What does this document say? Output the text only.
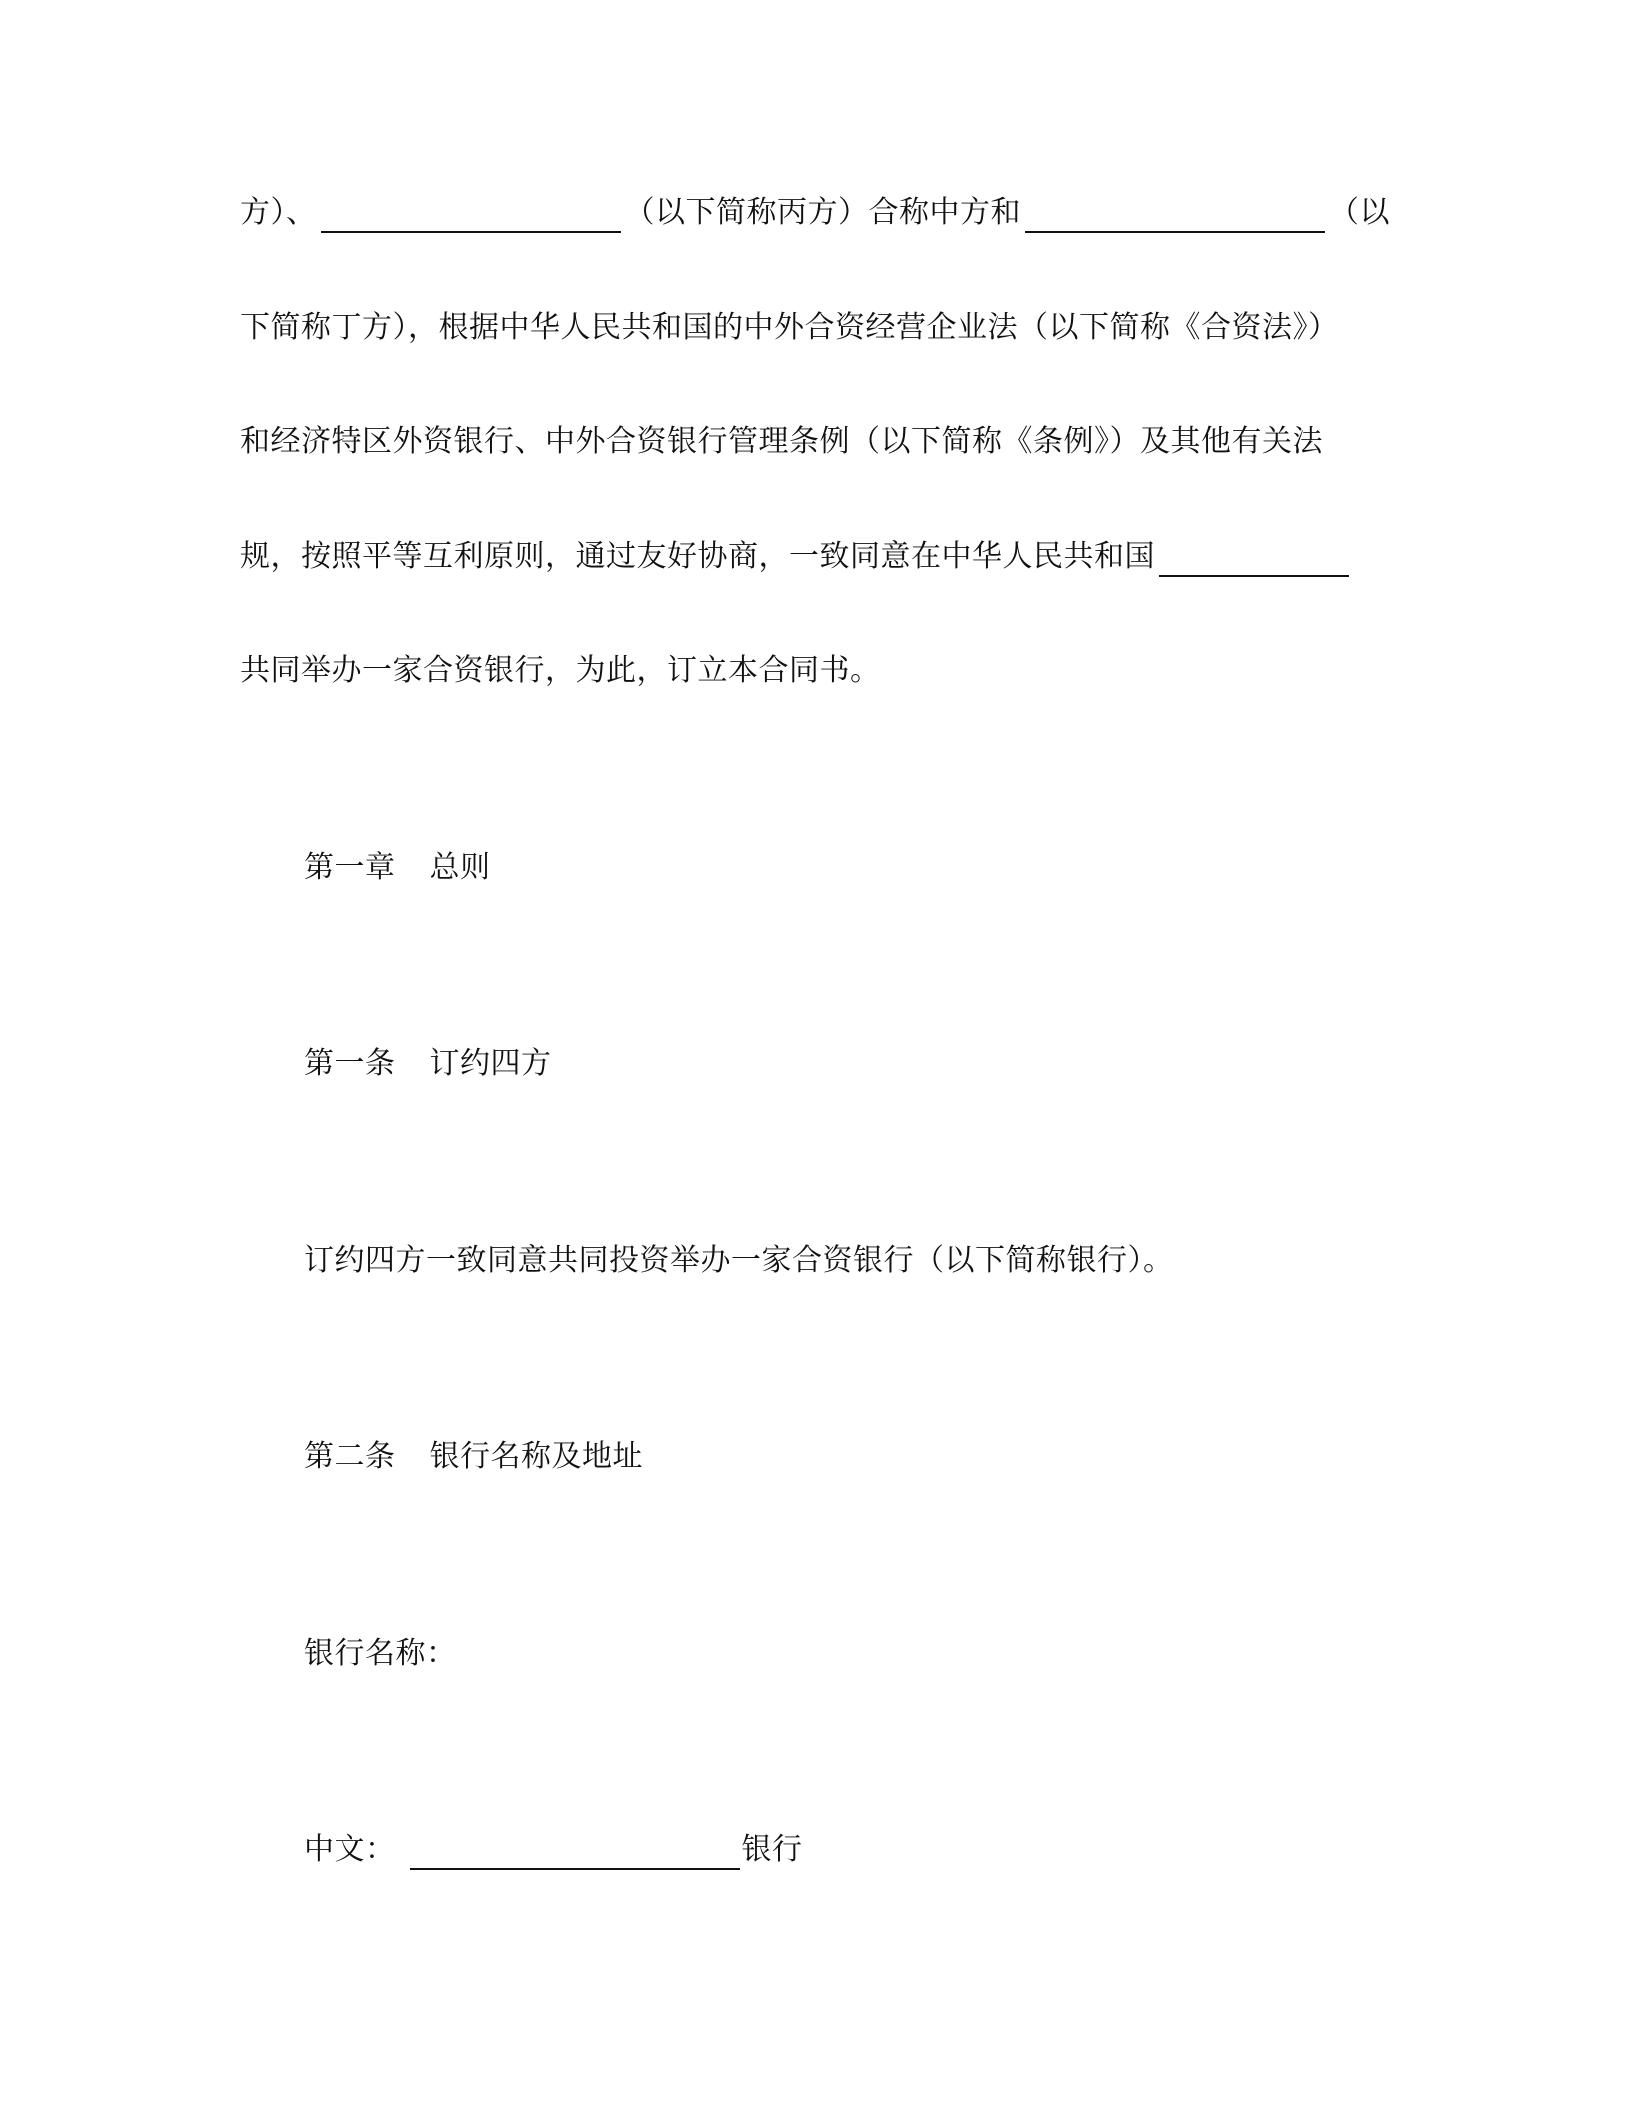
方）、	（以下简称丙方）合称中方和	（以
下简称丁方），根据中华人民共和国的中外合资经营企业法（以下简称《合资法》）
和经济特区外资银行、中外合资银行管理条例（以下简称《条例》）及其他有关法
规，按照平等互利原则，通过友好协商，一致同意在中华人民共和国
共同举办一家合资银行，为此，订立本合同书。
第一章 总则
第一条 订约四方
订约四方一致同意共同投资举办一家合资银行（以下简称银行）。
第二条 银行名称及地址
银行名称：
中文：	银行
